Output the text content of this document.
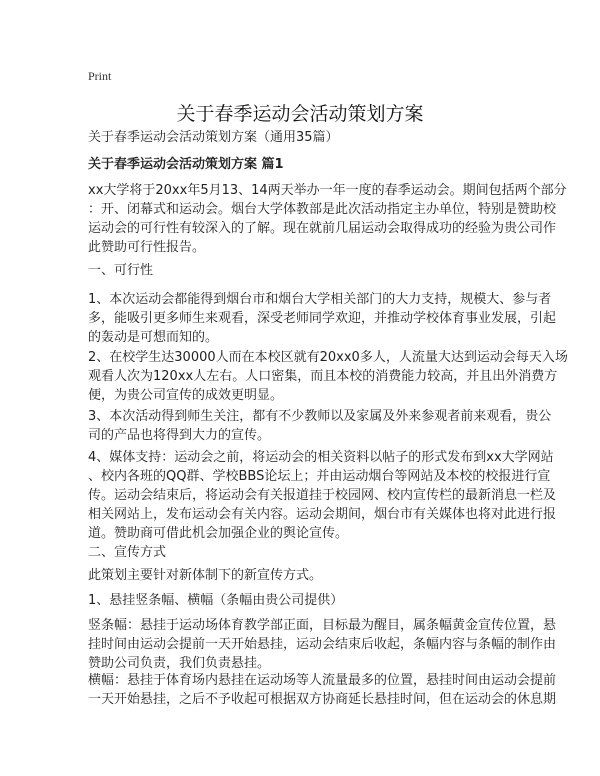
Print
关于春季运动会活动策划方案
关于春季运动会活动策划方案（通用35篇）
关于春季运动会活动策划方案 篇1
xx大学将于20xx年5月13、14两天举办一年一度的春季运动会。期间包括两个部分
：开、闭幕式和运动会。烟台大学体教部是此次活动指定主办单位，特别是赞助校
运动会的可行性有较深入的了解。现在就前几届运动会取得成功的经验为贵公司作
此赞助可行性报告。
一、可行性
1、本次运动会都能得到烟台市和烟台大学相关部门的大力支持，规模大、参与者
多，能吸引更多师生来观看，深受老师同学欢迎，并推动学校体育事业发展，引起
的轰动是可想而知的。
2、在校学生达30000人而在本校区就有20xx0多人，人流量大达到运动会每天入场
观看人次为120xx人左右。人口密集，而且本校的消费能力较高，并且出外消费方
便，为贵公司宣传的成效更明显。
3、本次活动得到师生关注，都有不少教师以及家属及外来参观者前来观看，贵公
司的产品也将得到大力的宣传。
4、媒体支持：运动会之前，将运动会的相关资料以帖子的形式发布到xx大学网站
、校内各班的QQ群、学校BBS论坛上；并由运动烟台等网站及本校的校报进行宣
传。运动会结束后，将运动会有关报道挂于校园网、校内宣传栏的最新消息一栏及
相关网站上，发布运动会有关内容。运动会期间，烟台市有关媒体也将对此进行报
道。赞助商可借此机会加强企业的舆论宣传。
二、宣传方式
此策划主要针对新体制下的新宣传方式。
1、悬挂竖条幅、横幅（条幅由贵公司提供）
竖条幅：悬挂于运动场体育教学部正面，目标最为醒目，属条幅黄金宣传位置，悬
挂时间由运动会提前一天开始悬挂，运动会结束后收起，条幅内容与条幅的制作由
赞助公司负责，我们负责悬挂。
横幅：悬挂于体育场内悬挂在运动场等人流量最多的位置，悬挂时间由运动会提前
一天开始悬挂，之后不予收起可根据双方协商延长悬挂时间，但在运动会的休息期
